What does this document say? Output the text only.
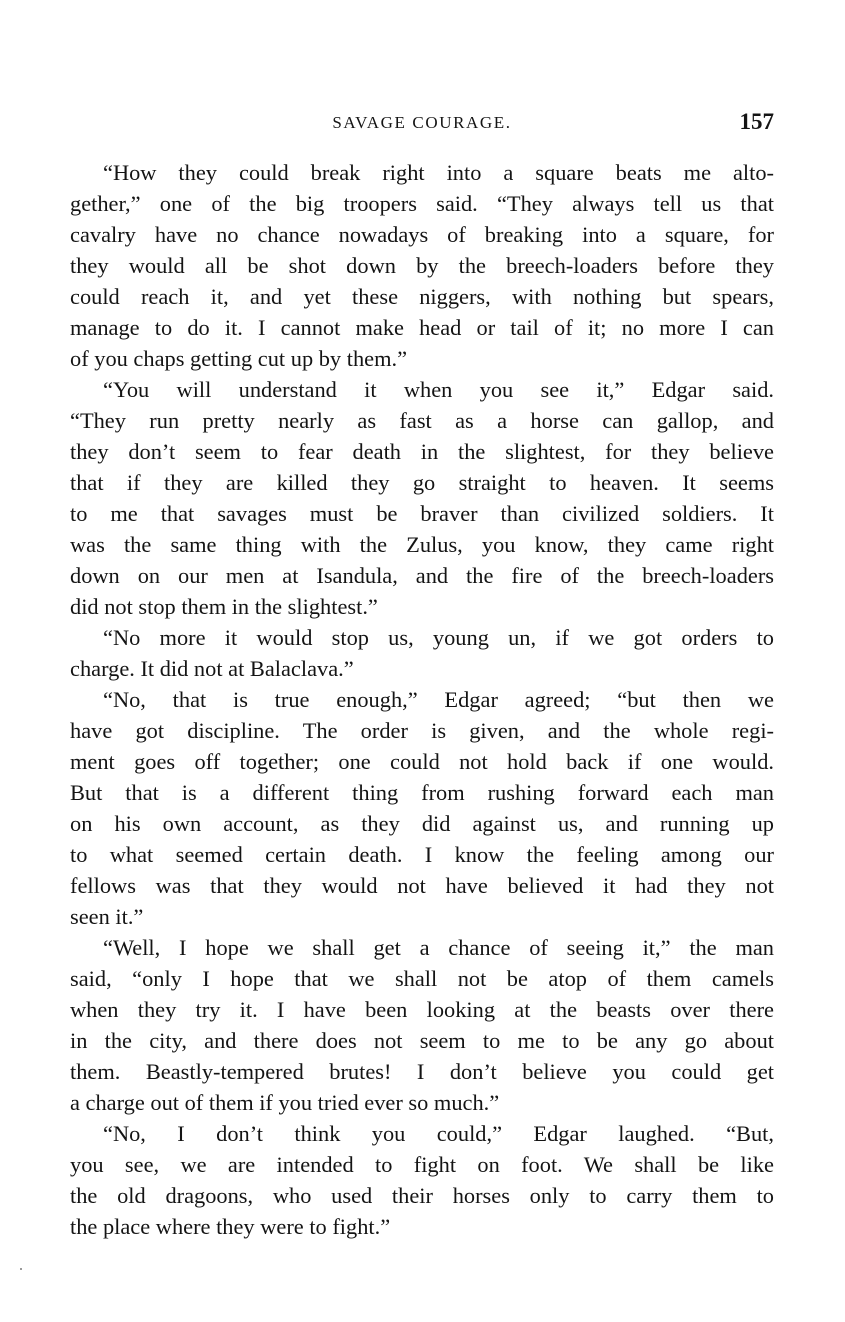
SAVAGE COURAGE.	157

“How they could break right into a square beats me alto-
gether,” one of the big troopers said. “They always tell us that
cavalry have no chance nowadays of breaking into a square, for
they would all be shot down by the breech-loaders before they
could reach it, and yet these niggers, with nothing but spears,
manage to do it. I cannot make head or tail of it; no more I can
of you chaps getting cut up by them.”

“You will understand it when you see it,” Edgar said.
“They run pretty nearly as fast as a horse can gallop, and
they don’t seem to fear death in the slightest, for they believe
that if they are killed they go straight to heaven. It seems
to me that savages must be braver than civilized soldiers. It
was the same thing with the Zulus, you know, they came right
down on our men at Isandula, and the fire of the breech-loaders
did not stop them in the slightest.”

“No more it would stop us, young un, if we got orders to
charge. It did not at Balaclava.”

“No, that is true enough,” Edgar agreed; “but then we
have got discipline. The order is given, and the whole regi-
ment goes off together; one could not hold back if one would.
But that is a different thing from rushing forward each man
on his own account, as they did against us, and running up
to what seemed certain death. I know the feeling among our
fellows was that they would not have believed it had they not
seen it.”

“Well, I hope we shall get a chance of seeing it,” the man
said, “only I hope that we shall not be atop of them camels
when they try it. I have been looking at the beasts over there
in the city, and there does not seem to me to be any go about
them. Beastly-tempered brutes! I don’t believe you could get
a charge out of them if you tried ever so much.”

“No, I don’t think you could,” Edgar laughed. “But,
you see, we are intended to fight on foot. We shall be like
the old dragoons, who used their horses only to carry them to
the place where they were to fight.”
